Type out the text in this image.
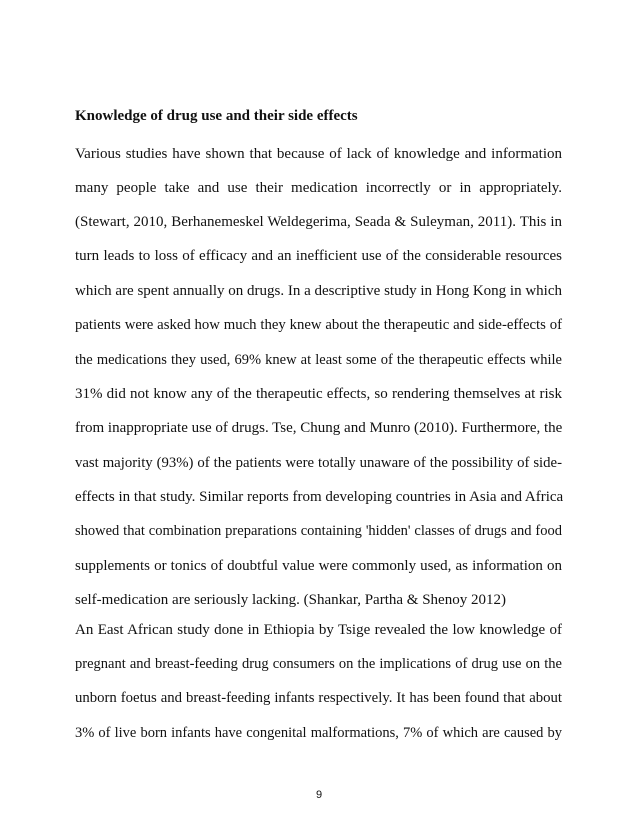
Knowledge of drug use and their side effects

Various studies have shown that because of lack of knowledge and information

many people take and use their medication incorrectly or in appropriately.

(Stewart, 2010, Berhanemeskel Weldegerima, Seada & Suleyman, 2011). This in

turn leads to loss of efficacy and an inefficient use of the considerable resources

which are spent annually on drugs. In a descriptive study in Hong Kong in which

patients were asked how much they knew about the therapeutic and side-effects of

the medications they used, 69% knew at least some of the therapeutic effects while

31% did not know any of the therapeutic effects, so rendering themselves at risk

from inappropriate use of drugs. Tse, Chung and Munro (2010). Furthermore, the

vast majority (93%) of the patients were totally unaware of the possibility of side-

effects in that study. Similar reports from developing countries in Asia and Africa

showed that combination preparations containing 'hidden' classes of drugs and food

supplements or tonics of doubtful value were commonly used, as information on

self-medication are seriously lacking. (Shankar, Partha & Shenoy 2012)

An East African study done in Ethiopia by Tsige revealed the low knowledge of

pregnant and breast-feeding drug consumers on the implications of drug use on the

unborn foetus and breast-feeding infants respectively. It has been found that about

3% of live born infants have congenital malformations, 7% of which are caused by

9
